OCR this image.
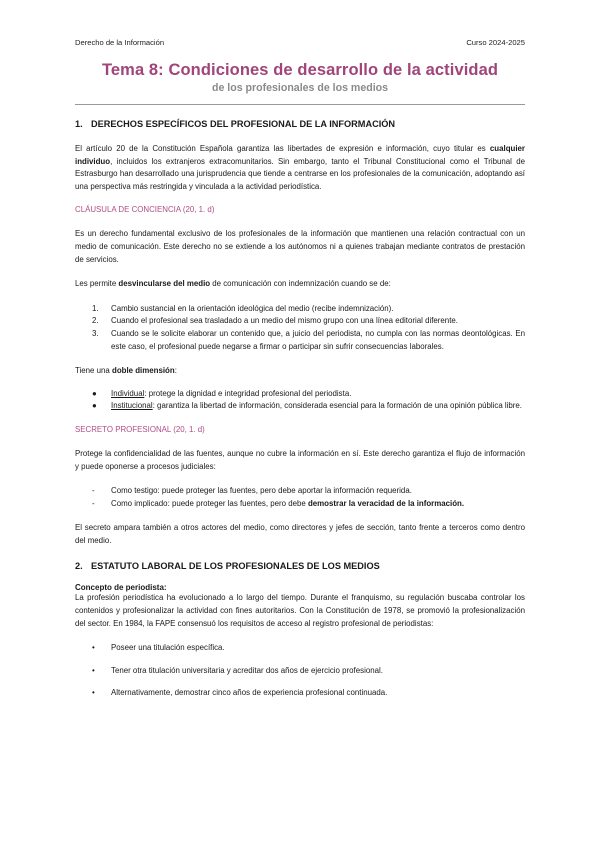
Derecho de la Información	Curso 2024-2025
Tema 8: Condiciones de desarrollo de la actividad
de los profesionales de los medios
1. DERECHOS ESPECÍFICOS DEL PROFESIONAL DE LA INFORMACIÓN

El artículo 20 de la Constitución Española garantiza las libertades de expresión e información, cuyo titular es cualquier individuo, incluidos los extranjeros extracomunitarios. Sin embargo, tanto el Tribunal Constitucional como el Tribunal de Estrasburgo han desarrollado una jurisprudencia que tiende a centrarse en los profesionales de la comunicación, adoptando así una perspectiva más restringida y vinculada a la actividad periodística.

CLÁUSULA DE CONCIENCIA (20, 1. d)

Es un derecho fundamental exclusivo de los profesionales de la información que mantienen una relación contractual con un medio de comunicación. Este derecho no se extiende a los autónomos ni a quienes trabajan mediante contratos de prestación de servicios.

Les permite desvincularse del medio de comunicación con indemnización cuando se de:

1.	Cambio sustancial en la orientación ideológica del medio (recibe indemnización).
2.	Cuando el profesional sea trasladado a un medio del mismo grupo con una línea editorial diferente.
3.	Cuando se le solicite elaborar un contenido que, a juicio del periodista, no cumpla con las normas deontológicas. En este caso, el profesional puede negarse a firmar o participar sin sufrir consecuencias laborales.

Tiene una doble dimensión:

●	Individual: protege la dignidad e integridad profesional del periodista.
●	Institucional: garantiza la libertad de información, considerada esencial para la formación de una opinión pública libre.
SECRETO PROFESIONAL (20, 1. d)

Protege la confidencialidad de las fuentes, aunque no cubre la información en sí. Este derecho garantiza el flujo de información y puede oponerse a procesos judiciales:

-	Como testigo: puede proteger las fuentes, pero debe aportar la información requerida.
-	Como implicado: puede proteger las fuentes, pero debe demostrar la veracidad de la información.

El secreto ampara también a otros actores del medio, como directores y jefes de sección, tanto frente a terceros como dentro del medio.

2. ESTATUTO LABORAL DE LOS PROFESIONALES DE LOS MEDIOS
Concepto de periodista:

La profesión periodística ha evolucionado a lo largo del tiempo. Durante el franquismo, su regulación buscaba controlar los contenidos y profesionalizar la actividad con fines autoritarios. Con la Constitución de 1978, se promovió la profesionalización del sector. En 1984, la FAPE consensuó los requisitos de acceso al registro profesional de periodistas:

•	Poseer una titulación específica.
•	Tener otra titulación universitaria y acreditar dos años de ejercicio profesional.
•	Alternativamente, demostrar cinco años de experiencia profesional continuada.
